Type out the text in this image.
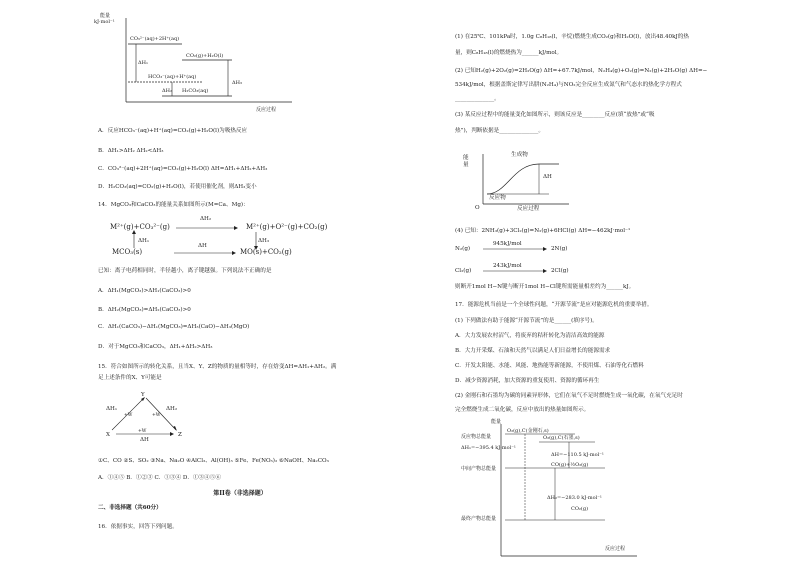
能量
kJ·mol⁻¹
CO₃²⁻(aq)+2H⁺(aq)
CO₂(g)+H₂O(l)
HCO₃⁻(aq)+H⁺(aq)
H₂CO₃(aq)
ΔH₁
ΔH₂
ΔH₃
反应过程
A．反应HCO₃⁻(aq)+H⁺(aq)=CO₂(g)+H₂O(l)为吸热反应
B．ΔH₁>ΔH₂ ΔH₂<ΔH₃
C．CO₃²⁻(aq)+2H⁺(aq)=CO₂(g)+H₂O(l) ΔH=ΔH₁+ΔH₂+ΔH₃
D．H₂CO₃(aq)=CO₂(g)+H₂O(l)，若使用催化剂，则ΔH₃变小
14．MgCO₃和CaCO₃的能量关系如图所示(M=Ca、Mg)：
M²⁺(g)+CO₃²⁻(g)	M²⁺(g)+O²⁻(g)+CO₂(g)
MCO₃(s)	MO(s)+CO₂(g)
ΔH₂
ΔH
ΔH₁	ΔH₃
已知：离子电荷相同时，半径越小，离子键越强。下列说法不正确的是
A．ΔH₁(MgCO₃)>ΔH₁(CaCO₃)>0
B．ΔH₂(MgCO₃)=ΔH₂(CaCO₃)>0
C．ΔH₁(CaCO₃)−ΔH₁(MgCO₃)=ΔH₃(CaO)−ΔH₃(MgO)
D．对于MgCO₃和CaCO₃，ΔH₁+ΔH₂>ΔH₃
15．符合如图所示的转化关系，且当X、Y、Z的物质的量相等时，存在焓变ΔH=ΔH₁+ΔH₂。满
足上述条件的X、Y可能是
Y
X	Z
ΔH₁	ΔH₂
ΔH
+W	+W
+W
①C、CO ②S、SO₂ ③Na、Na₂O ④AlCl₃、Al(OH)₃ ⑤Fe、Fe(NO₃)₂ ⑥NaOH、Na₂CO₃
A．①④⑤ B．①②③ C．①③④ D．①③④⑤⑥
第II卷（非选择题）
二、非选择题（共60分）
16．依据事实，回答下列问题。
(1) 在25℃、101kPa时，1.0g C₈H₁₈(l，辛烷)燃烧生成CO₂(g)和H₂O(l)，放出48.40kJ的热
量，则C₈H₁₈(l)的燃烧热为______kJ/mol。
(2) 已知H₂(g)+2O₂(g)=2H₂O(g) ΔH=+67.7kJ/mol，N₂H₄(g)+O₂(g)=N₂(g)+2H₂O(g) ΔH=−
534kJ/mol，根据盖斯定律写出肼(N₂H₄)与NO₂完全反应生成氮气和气态水的热化学方程式
______________。
(3) 某反应过程中的能量变化如图所示，则该反应是________反应(填“放热”或“吸
热”)，判断依据是______________。
能
量
生成物
反应物
ΔH
O	反应过程
(4) 已知：2NH₃(g)+3Cl₂(g)=N₂(g)+6HCl(g) ΔH=−462kJ·mol⁻¹
N₂(g)
945kJ/mol
2N(g)
Cl₂(g)
243kJ/mol
2Cl(g)
则断开1mol H−N键与断开1mol H−Cl键所需能量相差约为______kJ。
17．能源危机当前是一个全球性问题，“开源节流”是应对能源危机的重要举措。
(1) 下列做法有助于能源“开源节流”的是______(填序号)。
A．大力发展农村沼气，将废弃的秸秆转化为清洁高效的能源
B．大力开采煤、石油和天然气以满足人们日益增长的能源需求
C．开发太阳能、水能、风能、地热能等新能源，不使用煤、石油等化石燃料
D．减少资源消耗，加大资源的重复使用、资源的循环再生
(2) 金刚石和石墨均为碳的同素异形体，它们在氧气不足时燃烧生成一氧化碳，在氧气充足时
完全燃烧生成二氧化碳，反应中放出的热量如图所示。
能量
O₂(g),C(金刚石,s)
反应物总能量	O₂(g),C(石墨,s)
ΔH₁=−395.4 kJ·mol⁻¹
ΔH=−110.5 kJ·mol⁻¹
中间产物总能量
CO(g)+½O₂(g)
ΔH₂=−283.0 kJ·mol⁻¹
CO₂(g)
最终产物总能量
反应过程
